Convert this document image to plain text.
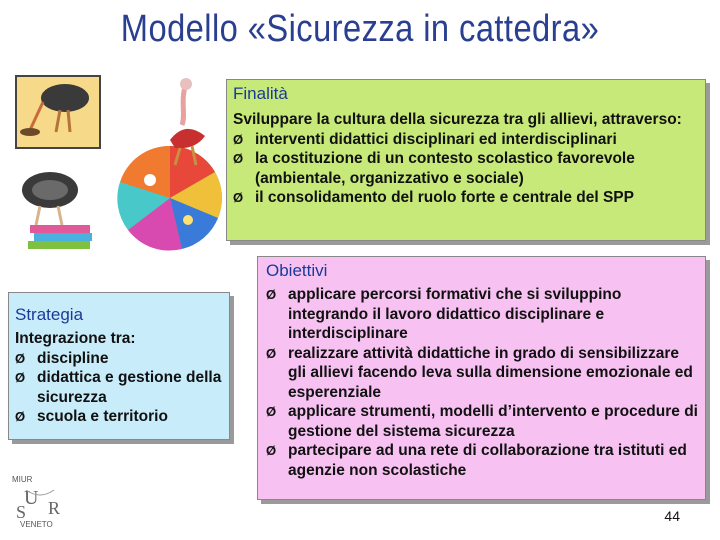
Modello «Sicurezza in cattedra»
Finalità
Sviluppare la cultura della sicurezza tra gli allievi, attraverso:
Ø interventi didattici disciplinari ed interdisciplinari
Ø la costituzione di un contesto scolastico favorevole (ambientale, organizzativo e sociale)
Ø il consolidamento del ruolo forte e centrale del SPP
Obiettivi
Ø applicare percorsi formativi che si sviluppino integrando il lavoro didattico disciplinare e interdisciplinare
Ø realizzare attività didattiche in grado di sensibilizzare gli allievi facendo leva sulla dimensione emozionale ed esperenziale
Ø applicare strumenti, modelli d’intervento e procedure di gestione del sistema sicurezza
Ø partecipare ad una rete di collaborazione tra istituti ed agenzie non scolastiche
Strategia
Integrazione tra:
Ø discipline
Ø didattica e gestione della sicurezza
Ø scuola e territorio
MIUR
U
S R
VENETO
44
